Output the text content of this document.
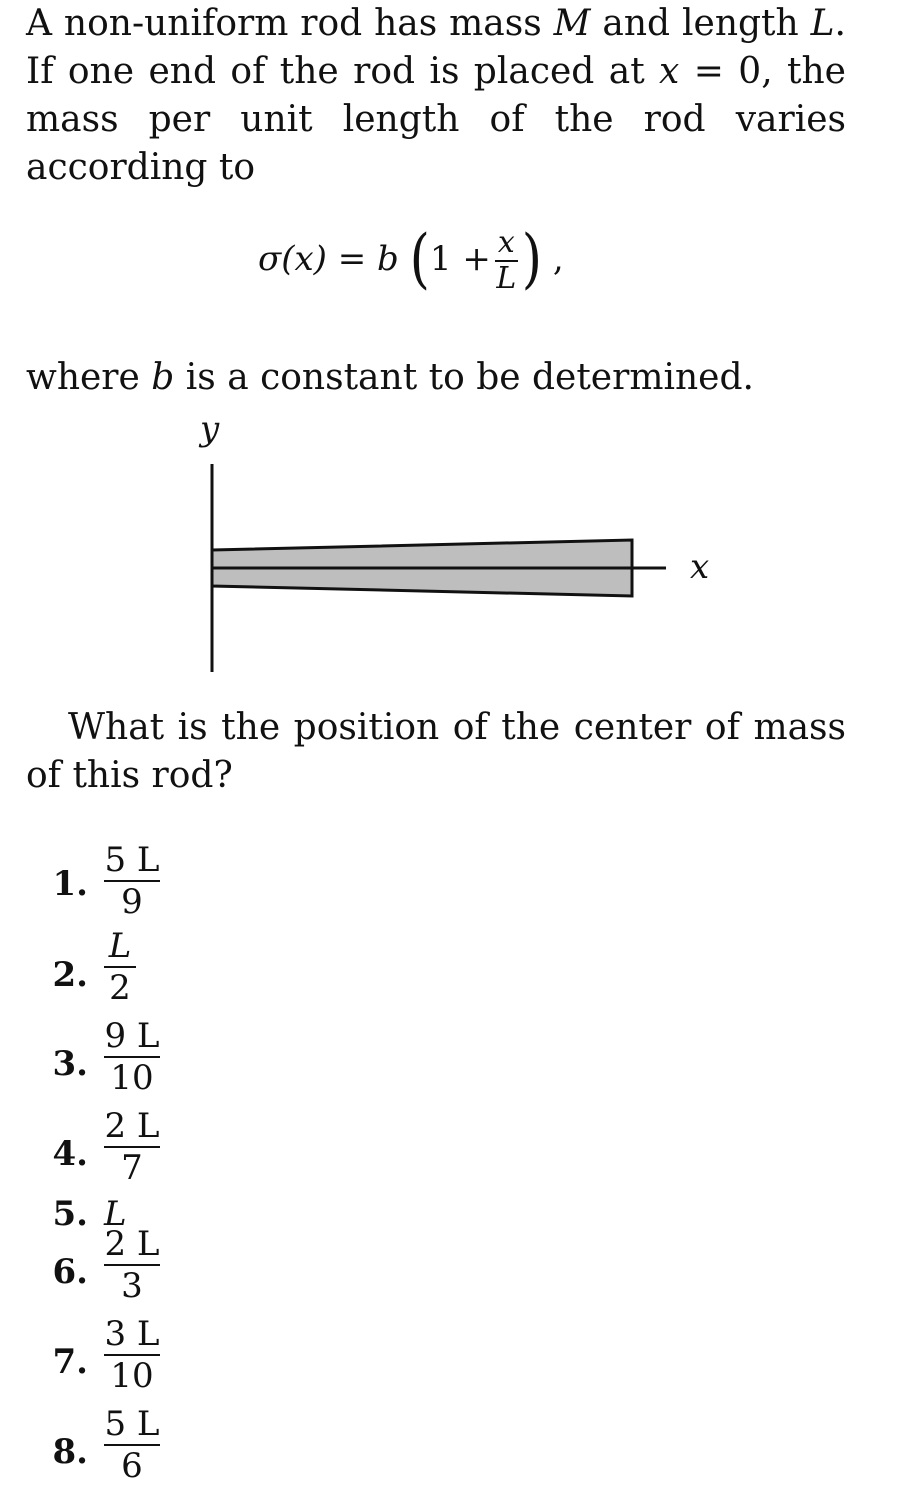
A non-uniform rod has mass M and length L. If one end of the rod is placed at x = 0, the mass per unit length of the rod varies according to
σ(x) = b ($1 + \frac{x}{L}$ ) ,
where b is a constant to be determined.
y
x
What is the position of the center of mass of this rod?
1.
5 L
9
2.
L
2
3.
9 L
10
4.
2 L
7
5. L
6.
2 L
3
7.
3 L
10
8.
5 L
6
